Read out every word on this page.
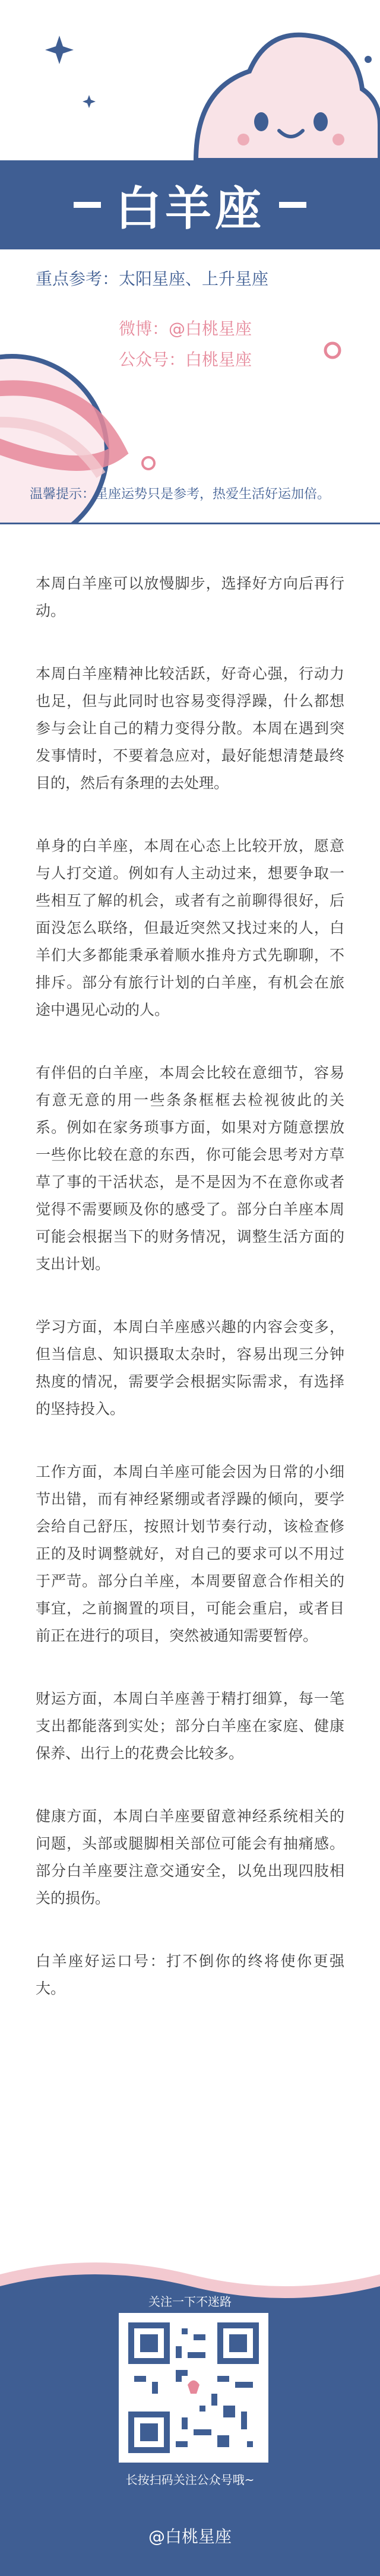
白羊座
重点参考：太阳星座、上升星座
微博：@白桃星座
公众号：白桃星座
温馨提示：星座运势只是参考，热爱生活好运加倍。

本周白羊座可以放慢脚步，选择好方向后再行动。

本周白羊座精神比较活跃，好奇心强，行动力也足，但与此同时也容易变得浮躁，什么都想参与会让自己的精力变得分散。本周在遇到突发事情时，不要着急应对，最好能想清楚最终目的，然后有条理的去处理。

单身的白羊座，本周在心态上比较开放，愿意与人打交道。例如有人主动过来，想要争取一些相互了解的机会，或者有之前聊得很好，后面没怎么联络，但最近突然又找过来的人，白羊们大多都能秉承着顺水推舟方式先聊聊，不排斥。部分有旅行计划的白羊座，有机会在旅途中遇见心动的人。

有伴侣的白羊座，本周会比较在意细节，容易有意无意的用一些条条框框去检视彼此的关系。例如在家务琐事方面，如果对方随意摆放一些你比较在意的东西，你可能会思考对方草草了事的干活状态，是不是因为不在意你或者觉得不需要顾及你的感受了。部分白羊座本周可能会根据当下的财务情况，调整生活方面的支出计划。

学习方面，本周白羊座感兴趣的内容会变多，但当信息、知识摄取太杂时，容易出现三分钟热度的情况，需要学会根据实际需求，有选择的坚持投入。

工作方面，本周白羊座可能会因为日常的小细节出错，而有神经紧绷或者浮躁的倾向，要学会给自己舒压，按照计划节奏行动，该检查修正的及时调整就好，对自己的要求可以不用过于严苛。部分白羊座，本周要留意合作相关的事宜，之前搁置的项目，可能会重启，或者目前正在进行的项目，突然被通知需要暂停。

财运方面，本周白羊座善于精打细算，每一笔支出都能落到实处；部分白羊座在家庭、健康保养、出行上的花费会比较多。

健康方面，本周白羊座要留意神经系统相关的问题，头部或腿脚相关部位可能会有抽痛感。部分白羊座要注意交通安全，以免出现四肢相关的损伤。

白羊座好运口号：打不倒你的终将使你更强大。

关注一下不迷路
长按扫码关注公众号哦~
@白桃星座
